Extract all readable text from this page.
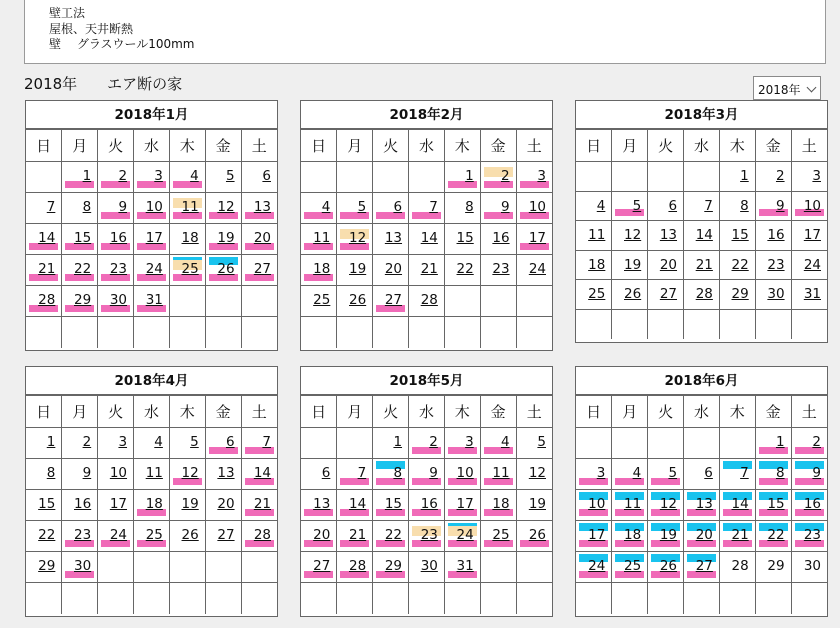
壁工法
屋根、天井断熱
壁　 グラスウール100mm
2018年　　エア断の家	2018年
2018年1月
日	月	火	水	木	金	土

	1	2	3	4	5	6

7	8	9	10	11	12	13

14	15	16	17	18	19	20

21	22	23	24	25	26	27

28	29	30	31			

2018年2月
日	月	火	水	木	金	土

				1	2	3

4	5	6	7	8	9	10

11	12	13	14	15	16	17

18	19	20	21	22	23	24

25	26	27	28			

2018年3月
日	月	火	水	木	金	土

				1	2	3

4	5	6	7	8	9	10

11	12	13	14	15	16	17

18	19	20	21	22	23	24

25	26	27	28	29	30	31

2018年4月
日	月	火	水	木	金	土

1	2	3	4	5	6	7

8	9	10	11	12	13	14

15	16	17	18	19	20	21

22	23	24	25	26	27	28

29	30					

2018年5月
日	月	火	水	木	金	土

		1	2	3	4	5

6	7	8	9	10	11	12

13	14	15	16	17	18	19

20	21	22	23	24	25	26

27	28	29	30	31		

2018年6月
日	月	火	水	木	金	土

					1	2

3	4	5	6	7	8	9

10	11	12	13	14	15	16

17	18	19	20	21	22	23

24	25	26	27	28	29	30
